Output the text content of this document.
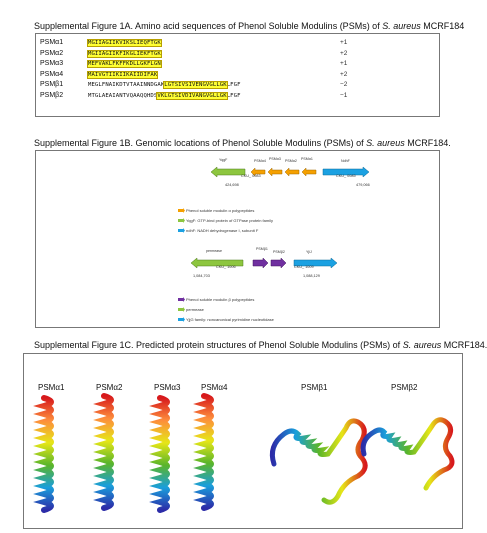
Supplemental Figure 1A. Amino acid sequences of Phenol Soluble Modulins (PSMs) of S. aureus MCRF184
PSMα1	MGIIAGIIKVIKSLIEQFTGK	+1
PSMα2	MGIIAGIIKFIKGLIEKFTGK	+2
PSMα3	MEFVAKLFKFFKDLLGKFLGN	+1
PSMα4	MAIVGTIIKIIKAIIDIFAK	+2
PSMβ1	MEGLFNAIKDTVTAAINNDGAKLGTSIVSIVENGVGLLGKLFGF	−2
PSMβ2	MTGLAEAIANTVQAAQQHDSVKLGTSIVDIVANGVGLLGKLFGF	−1
Supplemental Figure 1B. Genomic locations of Phenol Soluble Modulins (PSMs) of S. aureus MCRF184.
YqgF	PSMα4 PSMα3 PSMα2 PSMα1	NdhF
CKU_ 0083	CKU_ 0085
424,698	479,066
Phenol soluble modulin α polypeptides
YqgF: GTP-bind protein of GTPase protein family
ndhF: NADH dehydrogenase I, subunit F
permease	PSMβ1
PSMβ2	YjiJ
CKU_ 1006	CKU_ 1009
1,084,703	1,088,129
Phenol soluble modulin β polypeptides
permease
YjjG family: noncanonical pyrimidine nucleotidase
Supplemental Figure 1C. Predicted protein structures of Phenol Soluble Modulins (PSMs) of S. aureus MCRF184.
PSMα1	PSMα2	PSMα3	PSMα4	PSMβ1	PSMβ2
